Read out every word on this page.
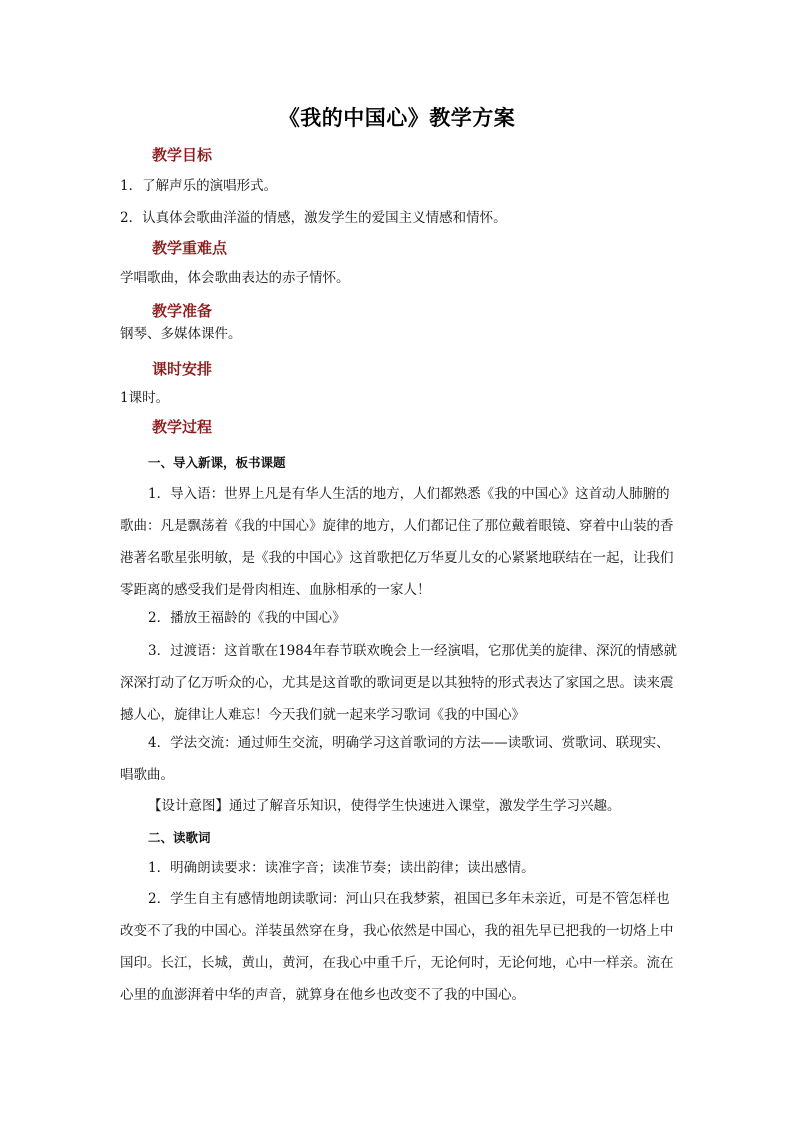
《我的中国心》教学方案
教学目标
1．了解声乐的演唱形式。
2．认真体会歌曲洋溢的情感，激发学生的爱国主义情感和情怀。
教学重难点
学唱歌曲，体会歌曲表达的赤子情怀。
教学准备
钢琴、多媒体课件。
课时安排
1课时。
教学过程
一、导入新课，板书课题
1．导入语：世界上凡是有华人生活的地方，人们都熟悉《我的中国心》这首动人肺腑的歌曲：凡是飘荡着《我的中国心》旋律的地方，人们都记住了那位戴着眼镜、穿着中山装的香港著名歌星张明敏，是《我的中国心》这首歌把亿万华夏儿女的心紧紧地联结在一起，让我们零距离的感受我们是骨肉相连、血脉相承的一家人！
2．播放王福龄的《我的中国心》
3．过渡语：这首歌在1984年春节联欢晚会上一经演唱，它那优美的旋律、深沉的情感就深深打动了亿万听众的心，尤其是这首歌的歌词更是以其独特的形式表达了家国之思。读来震撼人心，旋律让人难忘！今天我们就一起来学习歌词《我的中国心》
4．学法交流：通过师生交流，明确学习这首歌词的方法——读歌词、赏歌词、联现实、唱歌曲。
【设计意图】通过了解音乐知识，使得学生快速进入课堂，激发学生学习兴趣。
二、读歌词
1．明确朗读要求：读准字音；读准节奏；读出韵律；读出感情。
2．学生自主有感情地朗读歌词：河山只在我梦萦，祖国已多年未亲近，可是不管怎样也改变不了我的中国心。洋装虽然穿在身，我心依然是中国心，我的祖先早已把我的一切烙上中国印。长江，长城，黄山，黄河，在我心中重千斤，无论何时，无论何地，心中一样亲。流在心里的血澎湃着中华的声音，就算身在他乡也改变不了我的中国心。
